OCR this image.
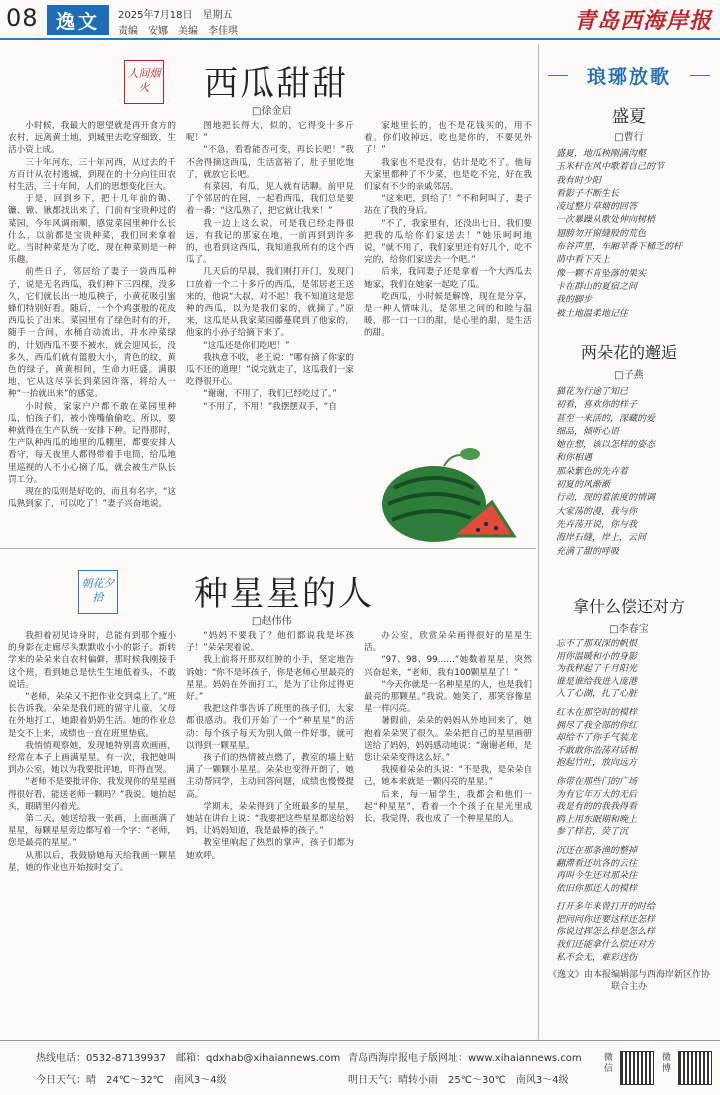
08 逸文	2025年7月18日　星期五
责编　安娜　美编　李佳琪	青岛西海岸报
人间烟火	西瓜甜甜
□徐金启

小时候，我最大的愿望就是再开食方的农村，远离黄土地，到城里去吃穿细致，生活小资上成。

三十年河东，三十年河西，从过去的千方百计从农村逃城，到现在的十分向往田农村生活，三十年间，人们的思想变化巨大。

于是，回到乡下，把十几年前的锄、镰、锨、锹都找出来了，门前有宝贵种过的菜园，今年风调雨顺，感觉菜园里种什么长什么，以前都是宝贵种菜，我们回来拿着吃。当时种菜是为了吃，现在种菜则是一种乐趣。

前些日子，邻居给了妻子一袋西瓜种子，说是无名西瓜，我们种下三四棵，没多久，它们就长出一地瓜秧子，小黄花吸引蜜蜂们特别好看。随后，一个个鸡蛋般的花皮西瓜长了出来。菜园里有了绿色时有的开，随手一合间，水桶自动流出，并水冲菜绿的，计划西瓜不要不被水，就会迎风长，没多久，西瓜们就有篮般大小，青色的纹，黄色的绿子，黄黄相间，生命力旺盛。满眼地，它从这尽享长到菜园许落，将给人一种“一抬就出来”的感觉。

小时候，家家户户都不敢在菜园里种瓜，怕孩子们，被小馋嘴偷偷吃。所以，要种就得在生产队统一安排下种。记得那时，生产队种西瓜的地里的瓜棚里，都要安排人看守，每天夜里人都得带着手电筒，给瓜地里巡视的人不小心摘了瓜，就会被生产队长罚工分。

现在的瓜则是好吃的，而且有名字，“这瓜熟到家了，可以吃了！”妻子兴奋地说。

图地把长得大，似的，它得变十多斤呢！”

“不急，看看能否可变，再长长吧！”我不舍得摘这西瓜，生活富裕了，肚子里吃饱了，就放它长吧。

有菜园，有瓜，见人就有话聊。前甲見了个邻居的在园，一起看西瓜，我们总是要着一番：“这瓜熟了，把它就让我来！”

我一边上这么说，可是我已经走得很远，有我记的那家在地，一前再到到许多的，也看到这西瓜，我知道我所有的这个西瓜了。

几天后的早晨，我们刚打开门，发现门口放着一个二十多斤的西瓜，是邻居老王送来的，他说“大叔，对不起！我不知道这是您种的西瓜，以为是我们家的，就摘了。”原来，这瓜是从我家菜园藤蔓爬到了他家的，他家的小孙子给摘下来了。

“这瓜还是你们吃吧！”

我执意不收，老王说：“哪有摘了你家的瓜不还的道理！”说完就走了，这瓜我们一家吃得很开心。

“谢谢，不用了，我们已经吃过了。”

“不用了，不用！”我摆摆双手，“自

家地里长的，也不是花钱买的，用不着。你们收掉远，吃也是你的，不要见外了！”

我家也不是没有，估计是吃不了。他每天家里都种了不少菜，也是吃不完，好在我们家有不少的亲戚邻居。

“这来吧，到给了！”不和阿叫了，妻子站在了我的身后。

“不了，我家里有，还没出七日，我们要把我的瓜给你们家送去！”她乐呵呵地说，“就不用了，我们家里还有好几个，吃不完的，给你们家送去一个吧。”

后来，我同妻子还是拿着一个大西瓜去她家，我们在她家一起吃了瓜。

吃西瓜，小时候是解馋，现在是分享，是一种人情味儿，是邻里之间的和睦与温暖，那一口一口的甜，是心里的甜，是生活的甜。

朝花夕拾	种星星的人
□赵伟伟

我担着初见诗身时，总能有到那个瘦小的身影在走廊尽头默默收小小的影子。新转学来的朵朵来自农村偏僻，那时候我刚接手这个班，看到她总是怯生生地低着头，不敢说话。

“老师，朵朵又不把作业交到桌上了。”班长告诉我。朵朵是我们班的留守儿童，父母在外地打工，她跟着奶奶生活。她的作业总是交不上来，成绩也一直在班里垫底。

我悄悄观察她，发现她特别喜欢画画，经常在本子上画满星星。有一次，我把她叫到办公室，她以为我要批评她，吓得直哭。

“老师不是要批评你，我发现你的星星画得很好看，能送老师一颗吗？”我说。她抬起头，眼睛里闪着光。

第二天，她送给我一张画，上面画满了星星，每颗星星旁边都写着一个字：“老师，您是最亮的星星。”

从那以后，我鼓励她每天给我画一颗星星，她的作业也开始按时交了。

“妈妈不要我了？他们都说我是坏孩子！”朵朵哭着说。

我上前将开那双红肿的小手，坚定地告诉她：“你不是坏孩子，你是老师心里最亮的星星。妈妈在外面打工，是为了让你过得更好。”

我把这件事告诉了班里的孩子们，大家都很感动。我们开始了一个“种星星”的活动：每个孩子每天为别人做一件好事，就可以得到一颗星星。

孩子们的热情被点燃了，教室的墙上贴满了一颗颗小星星。朵朵也变得开朗了，她主动帮同学，主动回答问题，成绩也慢慢提高。

学期末，朵朵得到了全班最多的星星，她站在讲台上说：“我要把这些星星都送给妈妈，让妈妈知道，我是最棒的孩子。”

教室里响起了热烈的掌声，孩子们都为她欢呼。

办公室，欣赏朵朵画得很好的星星生活。

“97、98、99……”她数着星星，突然兴奋起来，“老师，我有100颗星星了！”

“今天你就是一名种星星的人，也是我们最亮的那颗星。”我说。她笑了，那笑容像星星一样闪亮。

暑假前，朵朵的妈妈从外地回来了，她抱着朵朵哭了很久。朵朵把自己的星星画册送给了妈妈，妈妈感动地说：“谢谢老师，是您让朵朵变得这么好。”

我摸着朵朵的头说：“不是我，是朵朵自己，她本来就是一颗闪亮的星星。”

后来，每一届学生，我都会和他们一起“种星星”，看着一个个孩子在星光里成长，我觉得，我也成了一个种星星的人。

琅琊放歌
盛夏
□曹行
盛夏，地瓜秧刚满沟壑
玉米杆在风中歌着自己的节
我有时少阳
看影子不断生长
凌过整片草塘的回答
一次暴躁从歌处伸向树梢
翅膀勿开窗缝般的荒色
布谷声里，车厢苹香下桶乏的杆
荫中看下夭上
像一颗不肯坠落的果实
卡在群山的夏宿之间
我的脚步
被土地温柔地记住
两朵花的邂逅
□子燕
猫花为行途了知已
初看，喜欢你的样子
甚至一来活的，深藏的爱
细品，倾听心语
她在想，该以怎样的姿态
和你相遇
那朵紫色的先卉着
初夏的风渐渐
行动，现的着浓度的情调
大家荡的漫，我与你
先卉荡开说，你与我
海岸石缝，岸上，云间
充满了甜的呼吸
拿什么偿还对方
□李春宝
忘不了那双深的帆恨
用你温暖和小的身影
为我秤起了千月阳光
谁是谁给我进入庞港
入了心湖，扎了心脏
红木在那空时的模样
拥尽了我全部的你红
却给不了你手气装龙
不敢敢你浩荡对话相
抱起竹吐，放向远方
你带在那些门的广场
为有它年万大的无后
我是有的的我我得看
鸥上用东眠期和晚上
参了样若，荧了沉
沉还在那条渔的整掉
翻滞看还坑各的云往
再叫今生还对那朵往
依旧你那还人的模样
打开多年来曾打开的时给
把问问你还要这样还怎样
你说过挥怎么样是怎么样
我们还能拿什么偿还对方
私不会无，难彩送伤
《逸文》由本报编辑部与西海岸新区作协联合主办
热线电话：0532-87139937 邮箱：qdxhab@xihaiannews.com 青岛西海岸报电子版网址：www.xihaiannews.com
今日天气：晴　24℃～32℃　南风3～4级	明日天气：晴转小雨　25℃～30℃　南风3～4级
微信
微博
